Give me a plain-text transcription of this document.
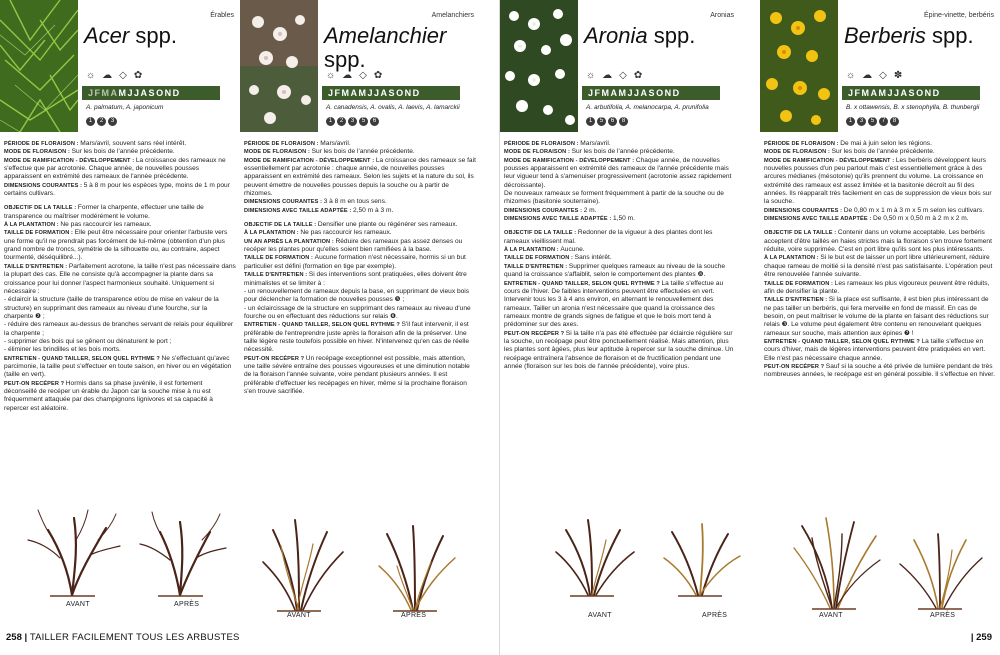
Érables
Acer spp.
☼ ☁ ◇ ✿
JFMAMJJASOND
A. palmatum, A. japonicum
1	2	3

PÉRIODE DE FLORAISON : Mars/avril, souvent sans réel intérêt.

MODE DE FLORAISON : Sur les bois de l'année précédente.

MODE DE RAMIFICATION - DÉVELOPPEMENT : La croissance des rameaux ne s'effectue que par acrotonie. Chaque année, de nouvelles pousses apparaissent en extrémité des rameaux de l'année précédente.

DIMENSIONS COURANTES : 5 à 8 m pour les espèces type, moins de 1 m pour certains cultivars.

OBJECTIF DE LA TAILLE : Former la charpente, effectuer une taille de transparence ou maîtriser modérément le volume.

À LA PLANTATION : Ne pas raccourcir les rameaux.

TAILLE DE FORMATION : Elle peut être nécessaire pour orienter l'arbuste vers une forme qu'il ne prendrait pas forcément de lui-même (obtention d'un plus grand nombre de troncs, symétrie de la silhouette ou, au contraire, aspect tourmenté, déséquilibré...).

TAILLE D'ENTRETIEN : Parfaitement acrotone, la taille n'est pas nécessaire dans la plupart des cas. Elle ne consiste qu'à accompagner la plante dans sa croissance pour lui donner l'aspect harmonieux souhaité. Uniquement si nécessaire :

- éclaircir la structure (taille de transparence et/ou de mise en valeur de la structure) en supprimant des rameaux au niveau d'une fourche, sur la charpente ❷ ;

- réduire des rameaux au-dessus de branches servant de relais pour équilibrer la charpente ;

- supprimer des bois qui se gênent ou dénaturent le port ;

- éliminer les brindilles et les bois morts.

ENTRETIEN - QUAND TAILLER, SELON QUEL RYTHME ? Ne s'effectuant qu'avec parcimonie, la taille peut s'effectuer en toute saison, en hiver ou en végétation (taille en vert).

PEUT-ON RECÉPER ? Hormis dans sa phase juvénile, il est fortement déconseillé de recéper un érable du Japon car la souche mise à nu est fréquemment attaquée par des champignons lignivores et sa capacité à repercer est aléatoire.

Amelanchiers
Amelanchier
spp.
☼ ☁ ◇ ✿
JFMAMJJASOND
A. canadensis, A. ovalis, A. laevis, A. lamarckii
1	2	3	5	6

PÉRIODE DE FLORAISON : Mars/avril.

MODE DE FLORAISON : Sur les bois de l'année précédente.

MODE DE RAMIFICATION - DÉVELOPPEMENT : La croissance des rameaux se fait essentiellement par acrotonie : chaque année, de nouvelles pousses apparaissent en extrémité des rameaux. Selon les sujets et la nature du sol, ils peuvent émettre de nouvelles pousses depuis la souche ou à partir de rhizomes.

DIMENSIONS COURANTES : 3 à 8 m en tous sens.

DIMENSIONS AVEC TAILLE ADAPTÉE : 2,50 m à 3 m.

OBJECTIF DE LA TAILLE : Densifier une plante ou régénérer ses rameaux.

À LA PLANTATION : Ne pas raccourcir les rameaux.

UN AN APRÈS LA PLANTATION : Réduire des rameaux pas assez denses ou recéper les plantes pour qu'elles soient bien ramifiées à la base.

TAILLE DE FORMATION : Aucune formation n'est nécessaire, hormis si un but particulier est défini (formation en tige par exemple).

TAILLE D'ENTRETIEN : Si des interventions sont pratiquées, elles doivent être minimalistes et se limiter à :

- un renouvellement de rameaux depuis la base, en supprimant de vieux bois pour déclencher la formation de nouvelles pousses ❺ ;

- un éclaircissage de la structure en supprimant des rameaux au niveau d'une fourche ou en effectuant des réductions sur relais ❻.

ENTRETIEN - QUAND TAILLER, SELON QUEL RYTHME ? S'il faut intervenir, il est préférable de l'entreprendre juste après la floraison afin de la préserver. Une taille légère reste toutefois possible en hiver. N'intervenez qu'en cas de réelle nécessité.

PEUT-ON RECÉPER ? Un recépage exceptionnel est possible, mais attention, une taille sévère entraîne des pousses vigoureuses et une diminution notable de la floraison l'année suivante, voire pendant plusieurs années. Il est préférable d'effectuer les recépages en hiver, même si la prochaine floraison s'en trouve sacrifiée.

AVANT	APRÈS
AVANT	APRÈS
258 | TAILLER FACILEMENT TOUS LES ARBUSTES
Aronias
Aronia spp.
☼ ☁ ◇ ✿
JFMAMJJASOND
A. arbutifolia, A. melanocarpa, A. prunifolia
1	5	6	8

PÉRIODE DE FLORAISON : Mars/avril.

MODE DE FLORAISON : Sur les bois de l'année précédente.

MODE DE RAMIFICATION - DÉVELOPPEMENT : Chaque année, de nouvelles pousses apparaissent en extrémité des rameaux de l'année précédente mais leur vigueur tend à s'amenuiser progressivement (acrotonie assez rapidement décroissante).

De nouveaux rameaux se forment fréquemment à partir de la souche ou de rhizomes (basitonie souterraine).

DIMENSIONS COURANTES : 2 m.

DIMENSIONS AVEC TAILLE ADAPTÉE : 1,50 m.

OBJECTIF DE LA TAILLE : Redonner de la vigueur à des plantes dont les rameaux vieillissent mal.

À LA PLANTATION : Aucune.

TAILLE DE FORMATION : Sans intérêt.

TAILLE D'ENTRETIEN : Supprimer quelques rameaux au niveau de la souche quand la croissance s'affaiblit, selon le comportement des plantes ❽.

ENTRETIEN - QUAND TAILLER, SELON QUEL RYTHME ? La taille s'effectue au cours de l'hiver. De faibles interventions peuvent être effectuées en vert. Intervenir tous les 3 à 4 ans environ, en alternant le renouvellement des rameaux. Tailler un aronia n'est nécessaire que quand la croissance des rameaux montre de grands signes de fatigue et que le bois mort tend à prédominer sur des axes.

PEUT-ON RECÉPER ? Si la taille n'a pas été effectuée par éclaircie régulière sur la souche, un recépage peut être ponctuellement réalisé. Mais attention, plus les plantes sont âgées, plus leur aptitude à repercer sur la souche diminue. Un recépage entraînera l'absence de floraison et de fructification pendant une année (floraison sur les bois de l'année précédente), voire plus.

Épine-vinette, berbéris
Berberis spp.
☼ ☁ ◇ ✽
JFMAMJJASOND
B. x ottawensis, B. x stenophylla, B. thunbergii
1	3	5	7	8

PÉRIODE DE FLORAISON : De mai à juin selon les régions.

MODE DE FLORAISON : Sur les bois de l'année précédente.

MODE DE RAMIFICATION - DÉVELOPPEMENT : Les berbéris développent leurs nouvelles pousses d'un peu partout mais c'est essentiellement grâce à des arcures médianes (mésotonie) qu'ils prennent du volume. La croissance en extrémité des rameaux est assez limitée et la basitonie décroît au fil des années. Ils réapparaît très facilement en cas de suppression de vieux bois sur la souche.

DIMENSIONS COURANTES : De 0,80 m x 1 m à 3 m x 5 m selon les cultivars.

DIMENSIONS AVEC TAILLE ADAPTÉE : De 0,50 m x 0,50 m à 2 m x 2 m.

OBJECTIF DE LA TAILLE : Contenir dans un volume acceptable. Les berbéris acceptent d'être taillés en haies strictes mais la floraison s'en trouve fortement réduite, voire supprimée. C'est en port libre qu'ils sont les plus intéressants.

À LA PLANTATION : Si le but est de laisser un port libre ultérieurement, réduire chaque rameau de moitié si la densité n'est pas satisfaisante. L'opération peut être renouvelée l'année suivante.

TAILLE DE FORMATION : Les rameaux les plus vigoureux peuvent être réduits, afin de densifier la plante.

TAILLE D'ENTRETIEN : Si la place est suffisante, il est bien plus intéressant de ne pas tailler un berbéris, qui fera merveille en fond de massif. En cas de besoin, on peut maîtriser le volume de la plante en faisant des réductions sur relais ❸. Le volume peut également être contenu en renouvelant quelques rameaux sur souche, mais attention aux épines ❼ !

ENTRETIEN - QUAND TAILLER, SELON QUEL RYTHME ? La taille s'effectue en cours d'hiver, mais de légères interventions peuvent être pratiquées en vert. Elle n'est pas nécessaire chaque année.

PEUT-ON RECÉPER ? Sauf si la souche a été privée de lumière pendant de très nombreuses années, le recépage est en général possible. Il s'effectue en hiver.

AVANT	APRÈS	AVANT	APRÈS
| 259
